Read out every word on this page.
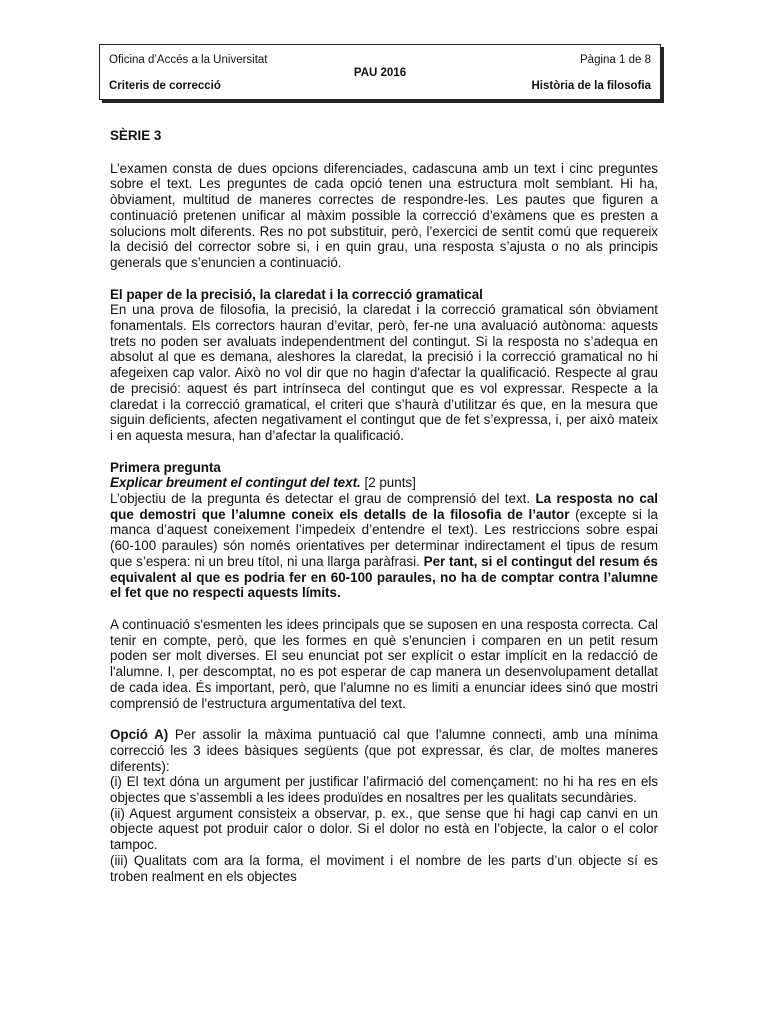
Oficina d’Accés a la Universitat	Pàgina 1 de 8
PAU 2016
Criteris de correcció	Història de la filosofia

SÈRIE 3

L’examen consta de dues opcions diferenciades, cadascuna amb un text i cinc preguntes sobre el text. Les preguntes de cada opció tenen una estructura molt semblant. Hi ha, òbviament, multitud de maneres correctes de respondre-les. Les pautes que figuren a continuació pretenen unificar al màxim possible la correcció d’exàmens que es presten a solucions molt diferents. Res no pot substituir, però, l’exercici de sentit comú que requereix la decisió del corrector sobre si, i en quin grau, una resposta s’ajusta o no als principis generals que s’enuncien a continuació.

El paper de la precisió, la claredat i la correcció gramatical

En una prova de filosofia, la precisió, la claredat i la correcció gramatical són òbviament fonamentals. Els correctors hauran d’evitar, però, fer-ne una avaluació autònoma: aquests trets no poden ser avaluats independentment del contingut. Si la resposta no s’adequa en absolut al que es demana, aleshores la claredat, la precisió i la correcció gramatical no hi afegeixen cap valor. Això no vol dir que no hagin d'afectar la qualificació. Respecte al grau de precisió: aquest és part intrínseca del contingut que es vol expressar. Respecte a la claredat i la correcció gramatical, el criteri que s’haurà d’utilitzar és que, en la mesura que siguin deficients, afecten negativament el contingut que de fet s’expressa, i, per això mateix i en aquesta mesura, han d’afectar la qualificació.

Primera pregunta

Explicar breument el contingut del text. [2 punts]

L’objectiu de la pregunta és detectar el grau de comprensió del text. La resposta no cal que demostri que l’alumne coneix els detalls de la filosofia de l’autor (excepte si la manca d’aquest coneixement l’impedeix d’entendre el text). Les restriccions sobre espai (60-100 paraules) són només orientatives per determinar indirectament el tipus de resum que s’espera: ni un breu títol, ni una llarga paràfrasi. Per tant, si el contingut del resum és equivalent al que es podria fer en 60-100 paraules, no ha de comptar contra l’alumne el fet que no respecti aquests límits.

A continuació s'esmenten les idees principals que se suposen en una resposta correcta. Cal tenir en compte, però, que les formes en què s'enuncien i comparen en un petit resum poden ser molt diverses. El seu enunciat pot ser explícit o estar implícit en la redacció de l'alumne. I, per descomptat, no es pot esperar de cap manera un desenvolupament detallat de cada idea. És important, però, que l'alumne no es limiti a enunciar idees sinó que mostri comprensió de l'estructura argumentativa del text.

Opció A) Per assolir la màxima puntuació cal que l’alumne connecti, amb una mínima correcció les 3 idees bàsiques següents (que pot expressar, és clar, de moltes maneres diferents):

(i) El text dóna un argument per justificar l’afirmació del començament: no hi ha res en els objectes que s’assembli a les idees produïdes en nosaltres per les qualitats secundàries.

(ii) Aquest argument consisteix a observar, p. ex., que sense que hi hagi cap canvi en un objecte aquest pot produir calor o dolor. Si el dolor no està en l’objecte, la calor o el color tampoc.

(iii) Qualitats com ara la forma, el moviment i el nombre de les parts d’un objecte sí es troben realment en els objectes
